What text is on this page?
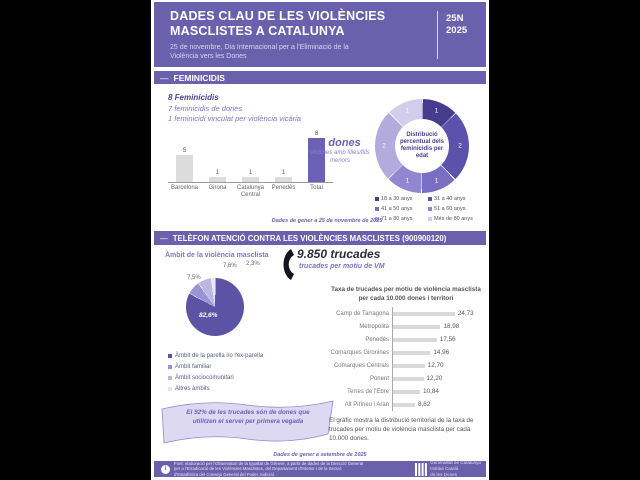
DADES CLAU DE LES VIOLÈNCIES MASCLISTES A CATALUNYA
25 de novembre, Dia Internacional per a l'Eliminació de la Violència vers les Dones
25N
2025
— FEMINICIDIS
8 Feminicidis
7 feminicidis de dones
1 feminicidi vinculat per violència vicària
5
1	1	1
8
Barcelona	Girona	Catalunya Central
Penedès	Total
3 dones
víctimes amb filles/fills menors
Distribució percentual dels feminicidis per edat
1
2
1
1
2
1
18 a 30 anys	31 a 40 anys
41 a 50 anys	51 a 60 anys
71 a 80 anys	Més de 80 anys
Dades de gener a 25 de novembre de 2025
— TELÈFON ATENCIÓ CONTRA LES VIOLÈNCIES MASCLISTES (900900120)
Àmbit de la violència masclista
7,6% 2,3%
7,5%
82,6%
Àmbit de la parella i/o l'ex-parella
Àmbit familiar
Àmbit sociocomunitari
Altres àmbits
El 92% de les trucades són de dones que utilitzen el servei per primera vegada
9.850 trucades
trucades per motiu de VM
Taxa de trucades per motiu de violència masclista per cada 10.000 dones i territori
Camp de Tarragona	24,73
Metropolità	18,98
Penedès	17,56
Comarques Gironines	14,96
Comarques Centrals	12,70
Ponent	12,20
Terres de l'Ebre	10,84
Alt Pirineu i Aran	8,82
El gràfic mostra la distribució territorial de la taxa de trucades per motiu de violència masclista per cada 10.000 dones.
Dades de gener a setembre de 2025
i
Font: elaboració per l'Observatori de la Igualtat de Gènere, a partir de dades de la Direcció General per a l'Erradicació de les Violències Masclistes, del Departament d'Interior i de la Secció d'Estadística del Consejo General del Poder Judicial.
Generalitat de Catalunya
Institut Català
de les Dones
